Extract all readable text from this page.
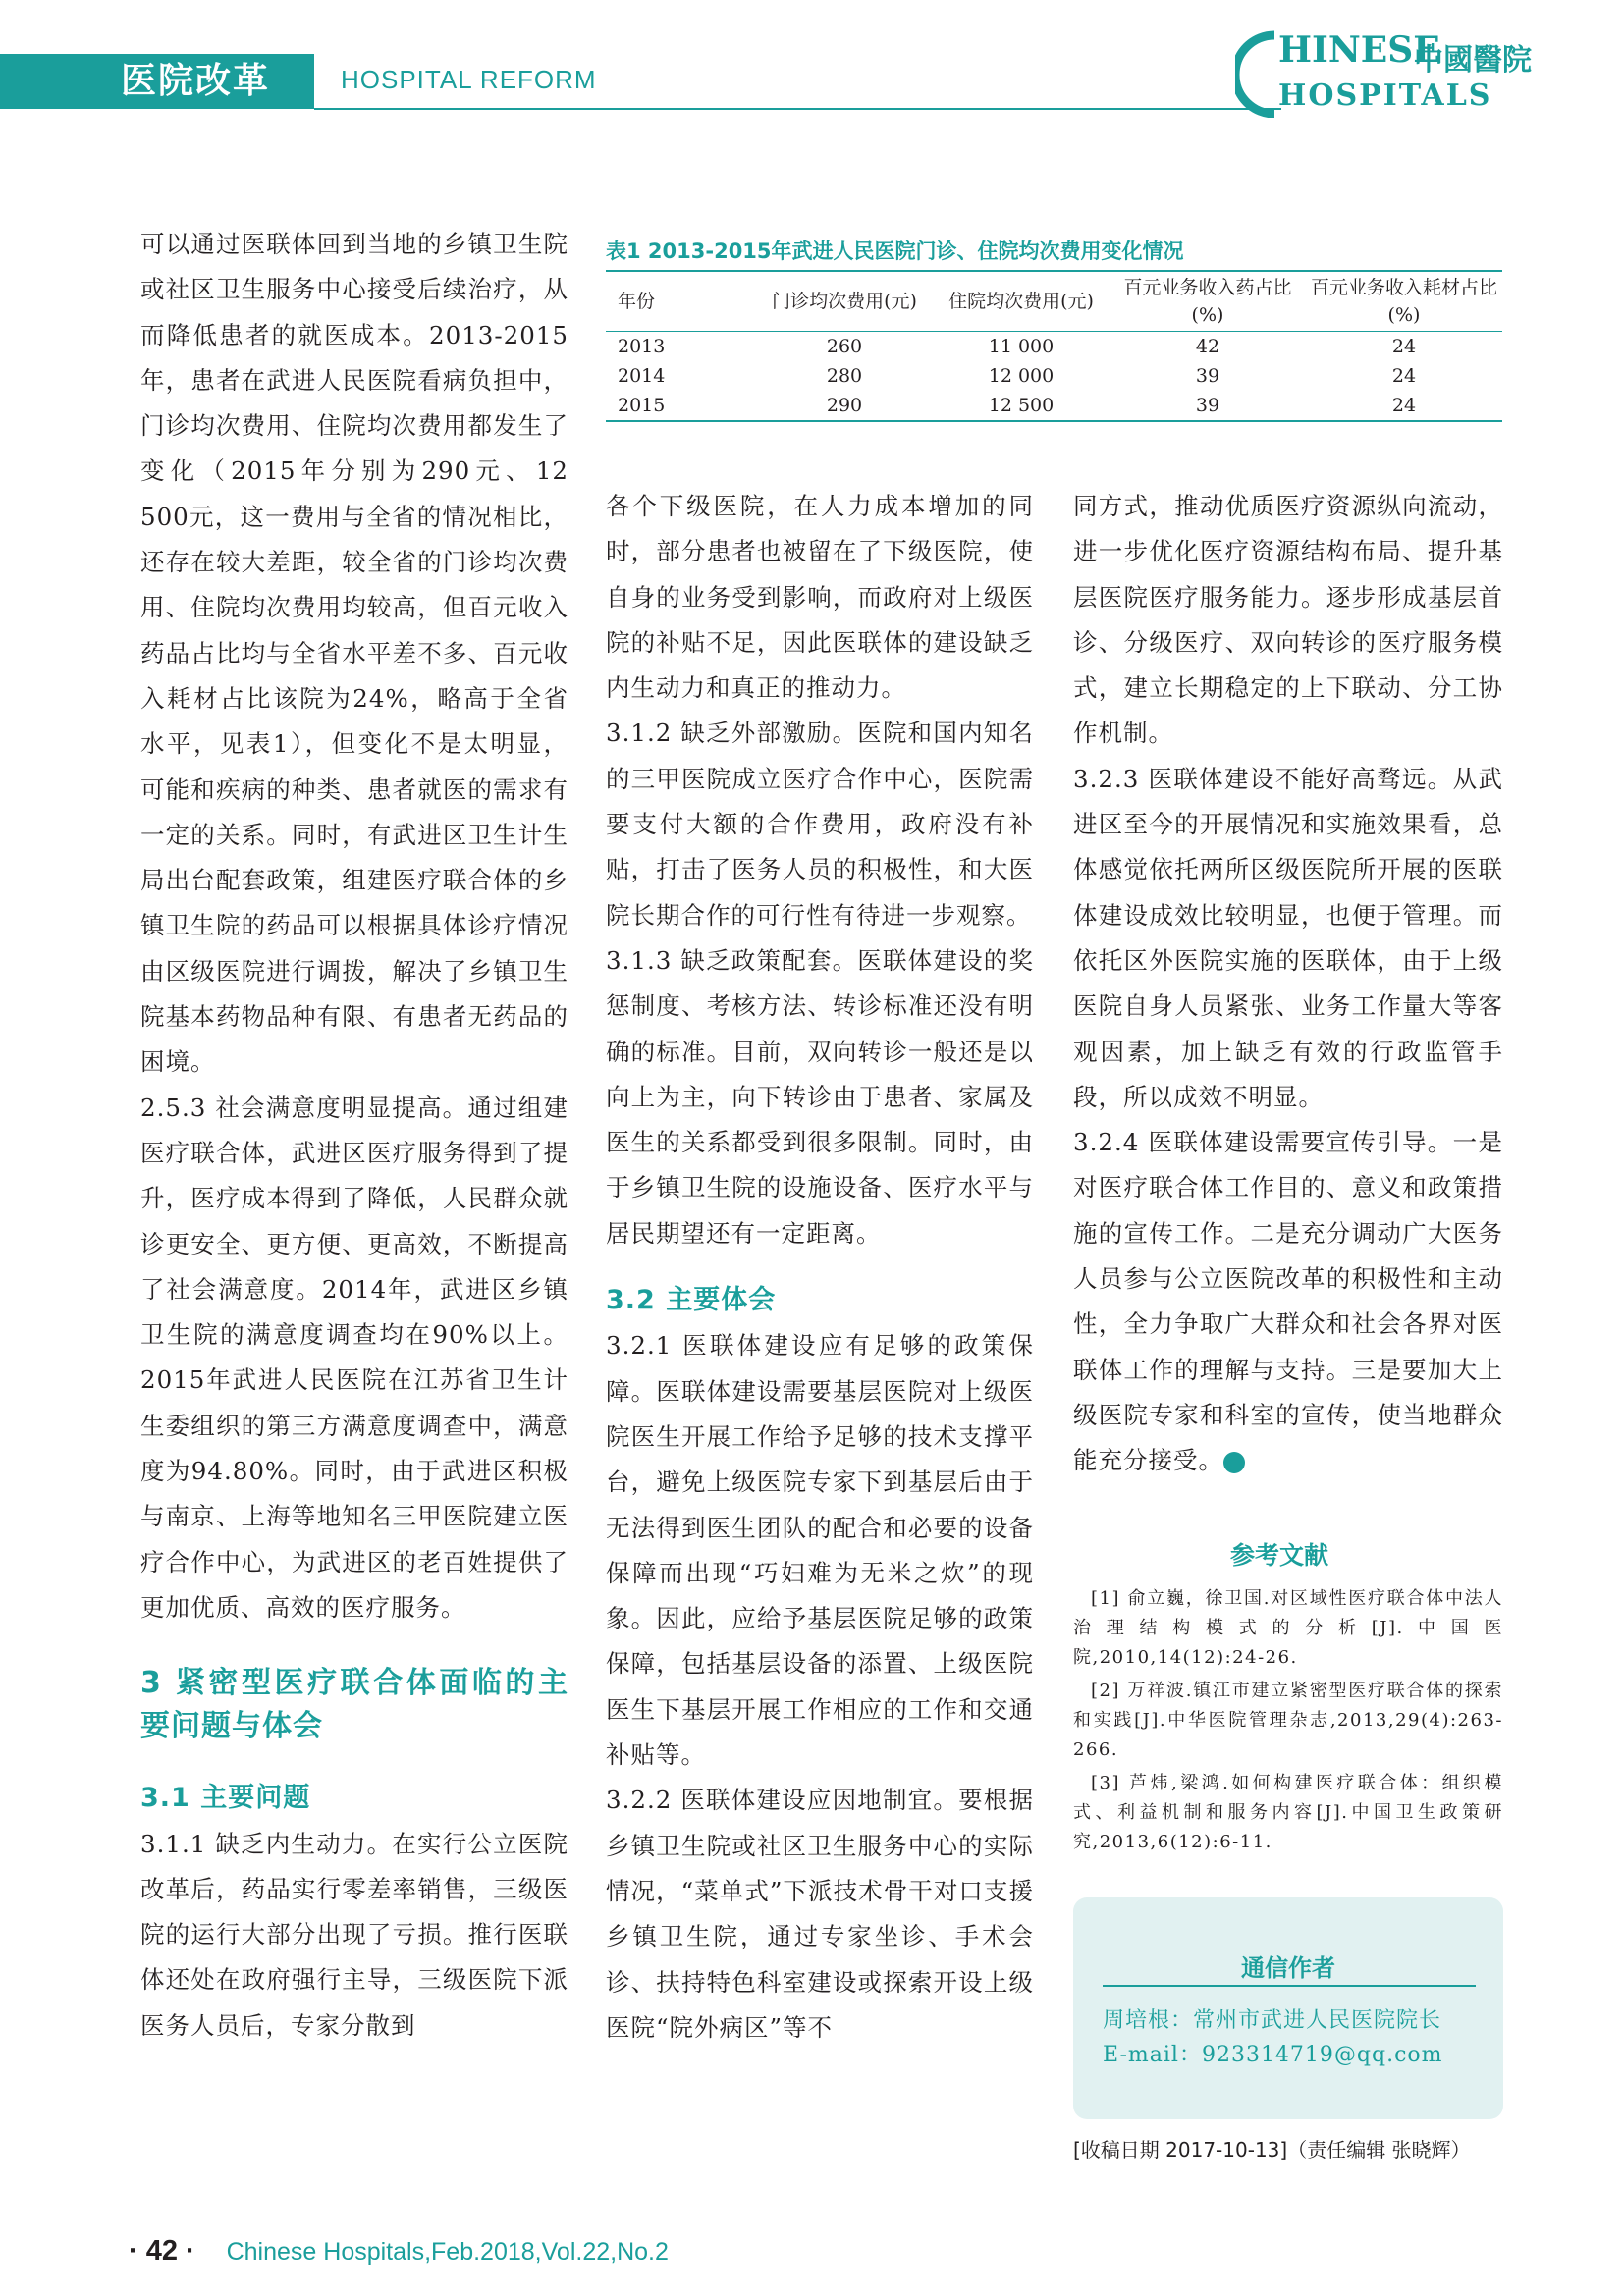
医院改革	HOSPITAL REFORM
HINESE
中國醫院
HOSPITALS

可以通过医联体回到当地的乡镇卫生院或社区卫生服务中心接受后续治疗，从而降低患者的就医成本。2013-2015年，患者在武进人民医院看病负担中，门诊均次费用、住院均次费用都发生了变化（2015年分别为290元、12 500元，这一费用与全省的情况相比，还存在较大差距，较全省的门诊均次费用、住院均次费用均较高，但百元收入药品占比均与全省水平差不多、百元收入耗材占比该院为24%，略高于全省水平，见表1），但变化不是太明显，可能和疾病的种类、患者就医的需求有一定的关系。同时，有武进区卫生计生局出台配套政策，组建医疗联合体的乡镇卫生院的药品可以根据具体诊疗情况由区级医院进行调拨，解决了乡镇卫生院基本药物品种有限、有患者无药品的困境。

2.5.3 社会满意度明显提高。通过组建医疗联合体，武进区医疗服务得到了提升，医疗成本得到了降低，人民群众就诊更安全、更方便、更高效，不断提高了社会满意度。2014年，武进区乡镇卫生院的满意度调查均在90%以上。2015年武进人民医院在江苏省卫生计生委组织的第三方满意度调查中，满意度为94.80%。同时，由于武进区积极与南京、上海等地知名三甲医院建立医疗合作中心，为武进区的老百姓提供了更加优质、高效的医疗服务。

3 紧密型医疗联合体面临的主要问题与体会
3.1 主要问题

3.1.1 缺乏内生动力。在实行公立医院改革后，药品实行零差率销售，三级医院的运行大部分出现了亏损。推行医联体还处在政府强行主导，三级医院下派医务人员后，专家分散到

表1 2013-2015年武进人民医院门诊、住院均次费用变化情况
年份	门诊均次费用(元)	住院均次费用(元)	百元业务收入药占比(%)	百元业务收入耗材占比(%)
2013	260	11 000	42	24
2014	280	12 000	39	24
2015	290	12 500	39	24

各个下级医院，在人力成本增加的同时，部分患者也被留在了下级医院，使自身的业务受到影响，而政府对上级医院的补贴不足，因此医联体的建设缺乏内生动力和真正的推动力。

3.1.2 缺乏外部激励。医院和国内知名的三甲医院成立医疗合作中心，医院需要支付大额的合作费用，政府没有补贴，打击了医务人员的积极性，和大医院长期合作的可行性有待进一步观察。

3.1.3 缺乏政策配套。医联体建设的奖惩制度、考核方法、转诊标准还没有明确的标准。目前，双向转诊一般还是以向上为主，向下转诊由于患者、家属及医生的关系都受到很多限制。同时，由于乡镇卫生院的设施设备、医疗水平与居民期望还有一定距离。

3.2 主要体会

3.2.1 医联体建设应有足够的政策保障。医联体建设需要基层医院对上级医院医生开展工作给予足够的技术支撑平台，避免上级医院专家下到基层后由于无法得到医生团队的配合和必要的设备保障而出现“巧妇难为无米之炊”的现象。因此，应给予基层医院足够的政策保障，包括基层设备的添置、上级医院医生下基层开展工作相应的工作和交通补贴等。

3.2.2 医联体建设应因地制宜。要根据乡镇卫生院或社区卫生服务中心的实际情况，“菜单式”下派技术骨干对口支援乡镇卫生院，通过专家坐诊、手术会诊、扶持特色科室建设或探索开设上级医院“院外病区”等不

同方式，推动优质医疗资源纵向流动，进一步优化医疗资源结构布局、提升基层医院医疗服务能力。逐步形成基层首诊、分级医疗、双向转诊的医疗服务模式，建立长期稳定的上下联动、分工协作机制。

3.2.3 医联体建设不能好高骛远。从武进区至今的开展情况和实施效果看，总体感觉依托两所区级医院所开展的医联体建设成效比较明显，也便于管理。而依托区外医院实施的医联体，由于上级医院自身人员紧张、业务工作量大等客观因素，加上缺乏有效的行政监管手段，所以成效不明显。

3.2.4 医联体建设需要宣传引导。一是对医疗联合体工作目的、意义和政策措施的宣传工作。二是充分调动广大医务人员参与公立医院改革的积极性和主动性，全力争取广大群众和社会各界对医联体工作的理解与支持。三是要加大上级医院专家和科室的宣传，使当地群众能充分接受。

参考文献

[1] 俞立巍，徐卫国.对区域性医疗联合体中法人治理结构模式的分析[J].中国医院,2010,14(12):24-26.

[2] 万祥波.镇江市建立紧密型医疗联合体的探索和实践[J].中华医院管理杂志,2013,29(4):263-266.

[3] 芦炜,梁鸿.如何构建医疗联合体：组织模式、利益机制和服务内容[J].中国卫生政策研究,2013,6(12):6-11.

通信作者
周培根：常州市武进人民医院院长
E-mail：923314719@qq.com
[收稿日期 2017-10-13]（责任编辑 张晓辉）
· 42 · Chinese Hospitals,Feb.2018,Vol.22,No.2
